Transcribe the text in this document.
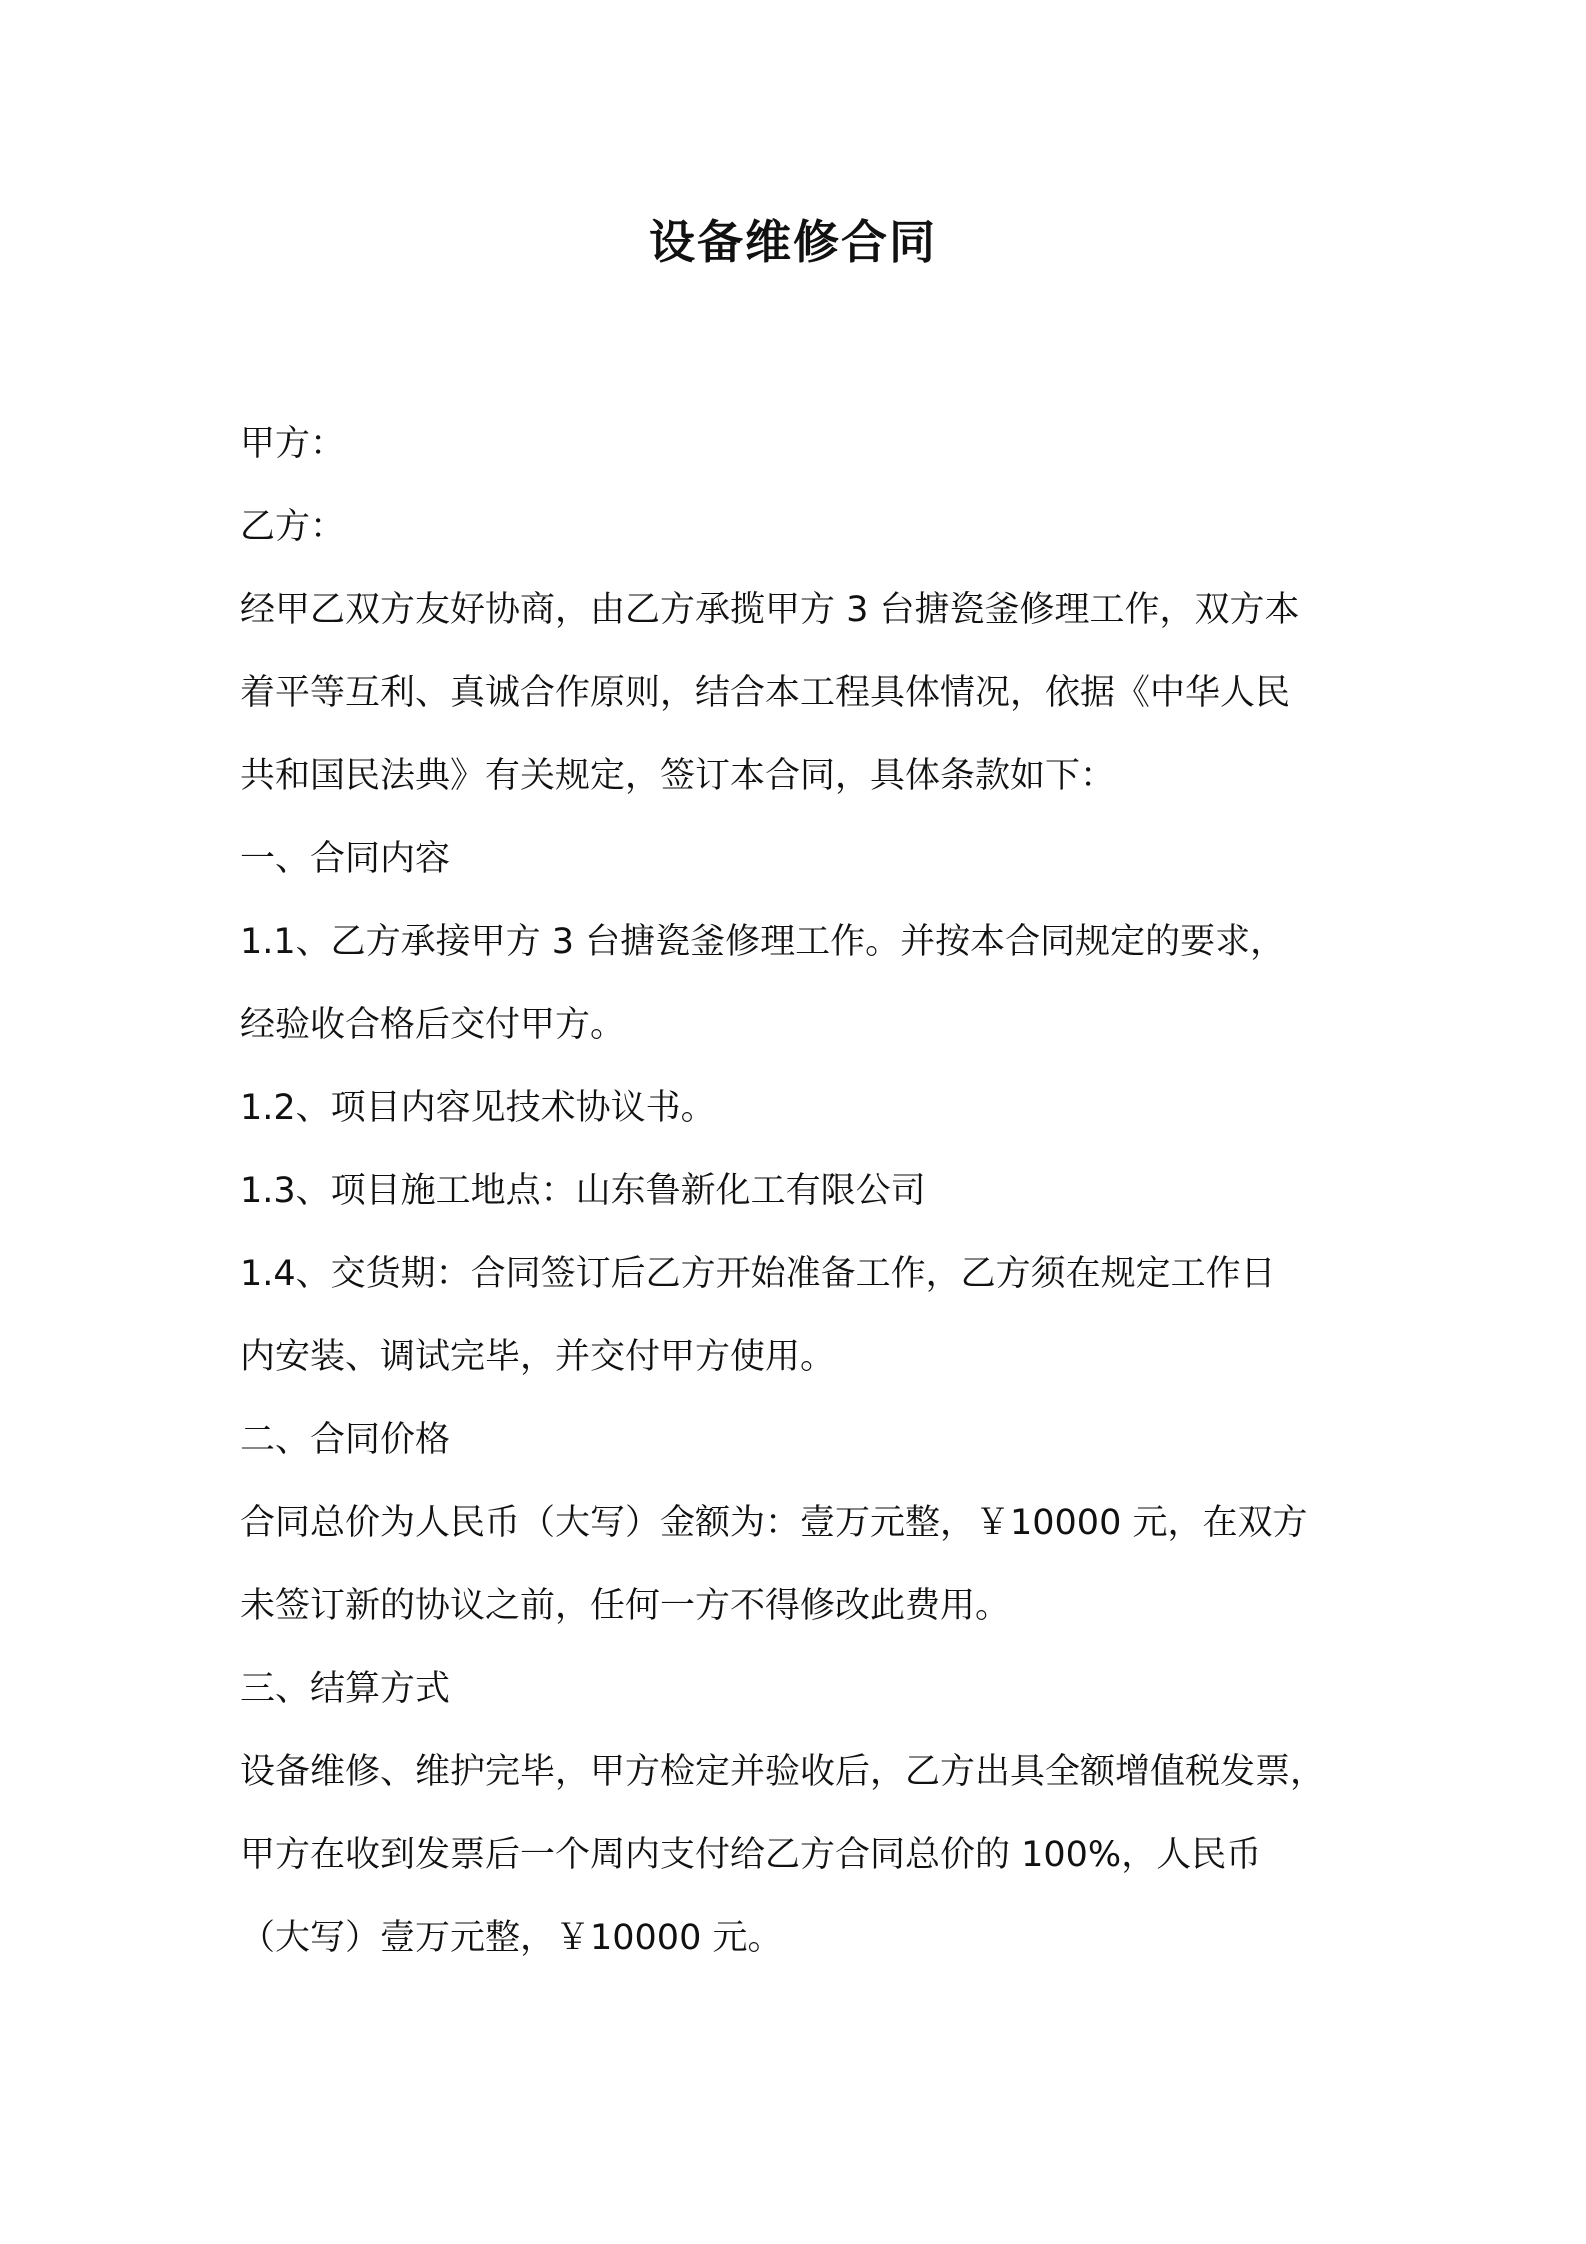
设备维修合同
甲方：
乙方：
经甲乙双方友好协商，由乙方承揽甲方 3 台搪瓷釜修理工作，双方本
着平等互利、真诚合作原则，结合本工程具体情况，依据《中华人民
共和国民法典》有关规定，签订本合同，具体条款如下：
一、合同内容
1.1、乙方承接甲方 3 台搪瓷釜修理工作。并按本合同规定的要求，
经验收合格后交付甲方。
1.2、项目内容见技术协议书。
1.3、项目施工地点：山东鲁新化工有限公司
1.4、交货期：合同签订后乙方开始准备工作，乙方须在规定工作日
内安装、调试完毕，并交付甲方使用。
二、合同价格
合同总价为人民币（大写）金额为：壹万元整，￥10000 元，在双方
未签订新的协议之前，任何一方不得修改此费用。
三、结算方式
设备维修、维护完毕，甲方检定并验收后，乙方出具全额增值税发票，
甲方在收到发票后一个周内支付给乙方合同总价的 100%，人民币
（大写）壹万元整，￥10000 元。
